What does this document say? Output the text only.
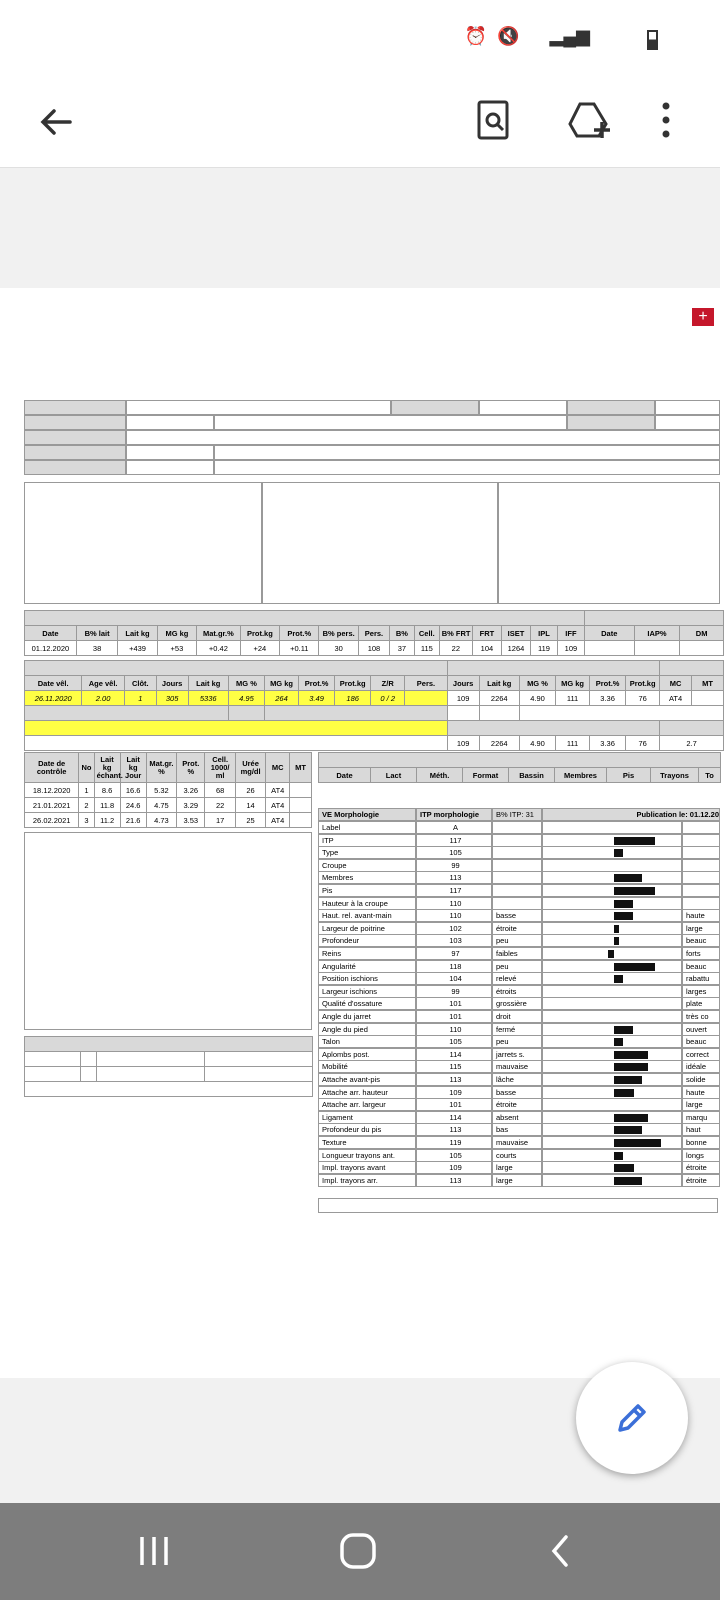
⏰ 🔇 ▂▄▆
+

Date	B% lait	Lait kg	MG kg	Mat.gr.%	Prot.kg	Prot.%	B% pers.	Pers.	B%	Cell.	B% FRT	FRT	ISET	IPL	IFF	Date	IAP%	DM
01.12.2020	38	+439	+53	+0.42	+24	+0.11	30	108	37	115	22	104	1264	119	109			

Date vêl.	Age vêl.	Clôt.	Jours	Lait kg	MG %	MG kg	Prot.%	Prot.kg	Z/R	Pers.	Jours	Lait kg	MG %	MG kg	Prot.%	Prot.kg	MC	MT
26.11.2020	2.00	1	305	5336	4.95	264	3.49	186	0 / 2		109	2264	4.90	111	3.36	76	AT4	

											109	2264	4.90	111	3.36	76	2.7	
Date de contrôle	No	Lait kg échant.	Lait kg Jour	Mat.gr. %	Prot. %	Cell. 1000/ ml	Urée mg/dl	MC	MT
18.12.2020	1	8.6	16.6	5.32	3.26	68	26	AT4	
21.01.2021	2	11.8	24.6	4.75	3.29	22	14	AT4	
26.02.2021	3	11.2	21.6	4.73	3.53	17	25	AT4	

Date	Lact	Méth.	Format	Bassin	Membres	Pis	Trayons	To
VE Morphologie	ITP morphologie	B% ITP: 31	Publication le: 01.12.20
Label	A
ITP	117
Type	105
Croupe	99
Membres	113
Pis	117
Hauteur à la croupe	110
Haut. rel. avant-main	110	basse	haute
Largeur de poitrine	102	étroite	large
Profondeur	103	peu	beauc
Reins	97	faibles	forts
Angularité	118	peu	beauc
Position ischions	104	relevé	rabattu
Largeur ischions	99	étroits	larges
Qualité d'ossature	101	grossière	plate
Angle du jarret	101	droit	très co
Angle du pied	110	fermé	ouvert
Talon	105	peu	beauc
Aplombs post.	114	jarrets s.	correct
Mobilité	115	mauvaise	idéale
Attache avant-pis	113	lâche	solide
Attache arr. hauteur	109	basse	haute
Attache arr. largeur	101	étroite	large
Ligament	114	absent	marqu
Profondeur du pis	113	bas	haut
Texture	119	mauvaise	bonne
Longueur trayons ant.	105	courts	longs
Impl. trayons avant	109	large	étroite
Impl. trayons arr.	113	large	étroite
